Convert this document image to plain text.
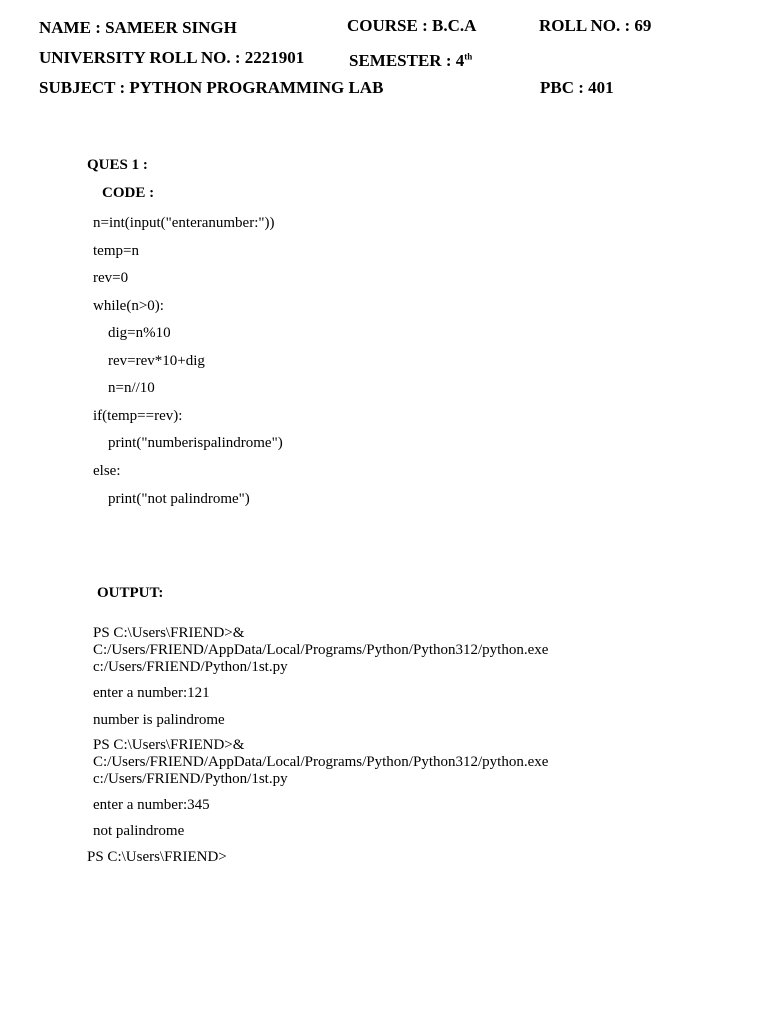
NAME : SAMEER SINGH	COURSE : B.C.A	ROLL NO. : 69
UNIVERSITY ROLL NO. : 2221901	SEMESTER : 4th
SUBJECT : PYTHON PROGRAMMING LAB	PBC : 401
QUES 1 :
CODE :
n=int(input("enteranumber:"))
temp=n
rev=0
while(n>0):
dig=n%10
rev=rev*10+dig
n=n//10
if(temp==rev):
print("numberispalindrome")
else:
print("not palindrome")
OUTPUT:
PS C:\Users\FRIEND>&
C:/Users/FRIEND/AppData/Local/Programs/Python/Python312/python.exe
c:/Users/FRIEND/Python/1st.py
enter a number:121
number is palindrome
PS C:\Users\FRIEND>&
C:/Users/FRIEND/AppData/Local/Programs/Python/Python312/python.exe
c:/Users/FRIEND/Python/1st.py
enter a number:345
not palindrome
PS C:\Users\FRIEND>
